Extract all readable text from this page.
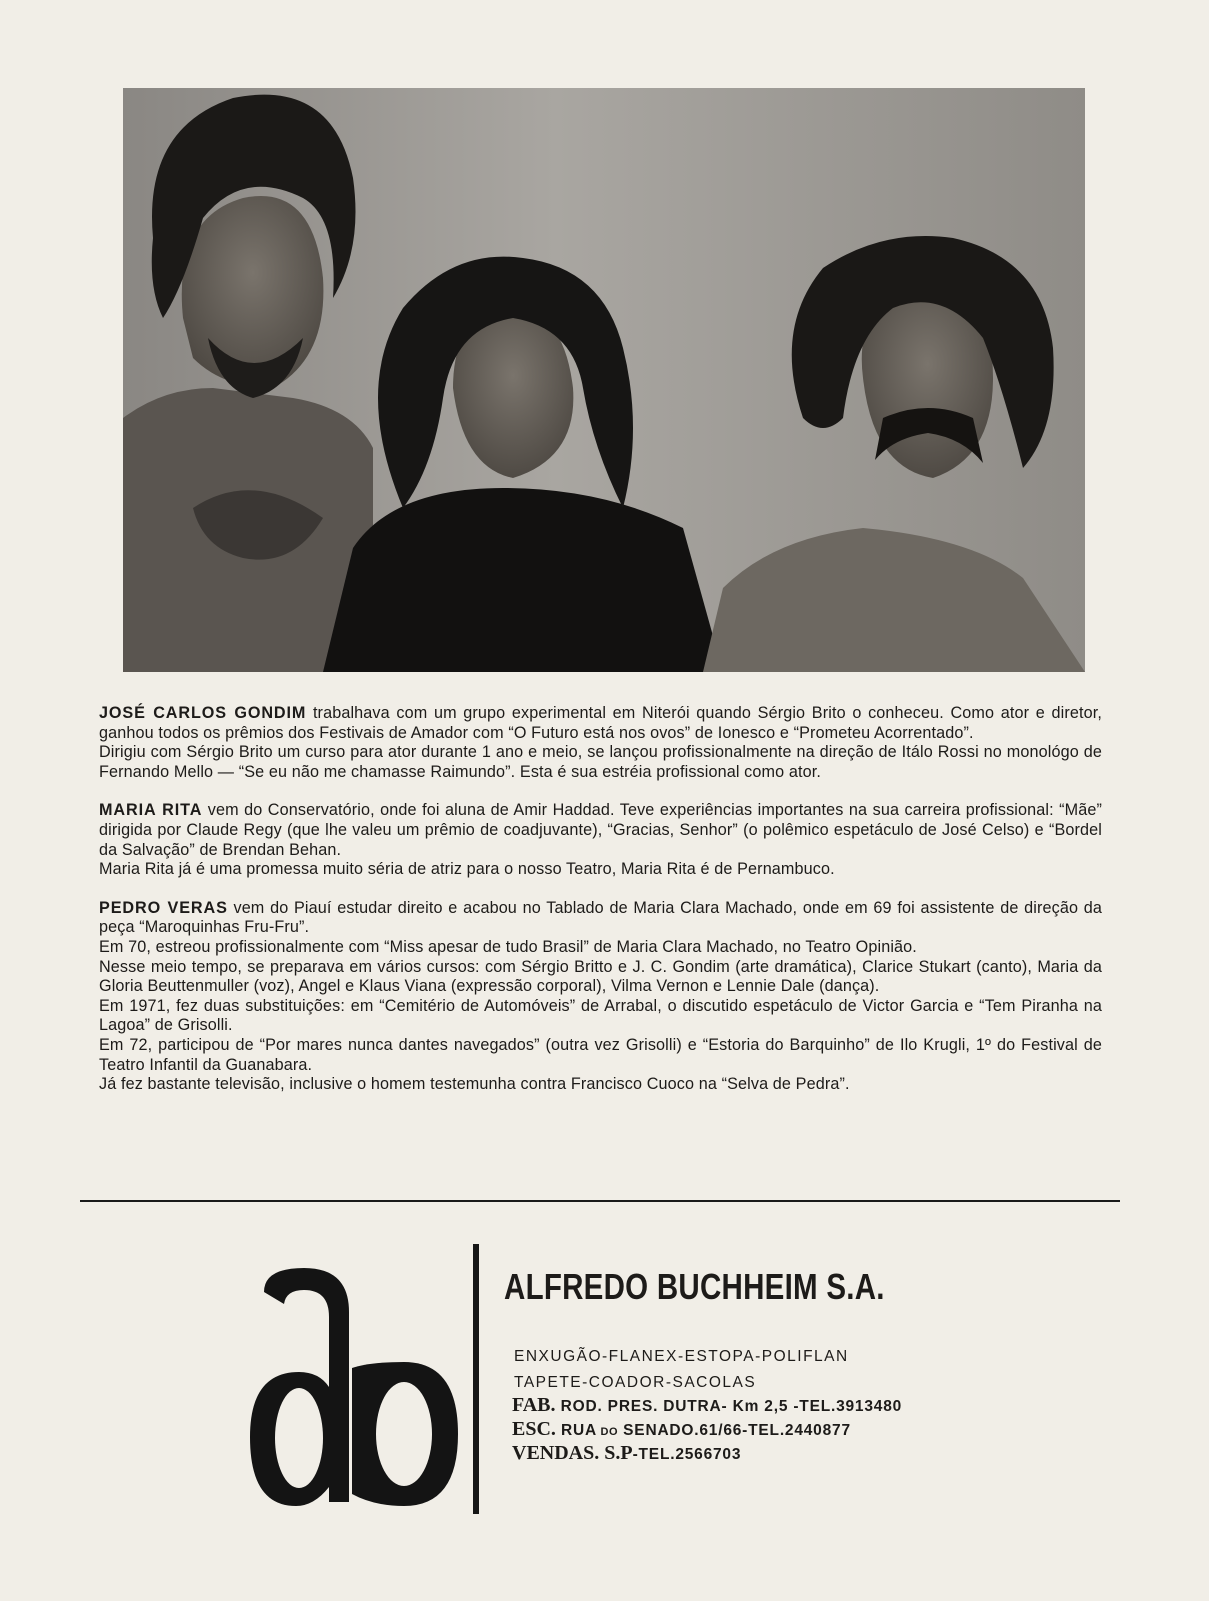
JOSÉ CARLOS GONDIM trabalhava com um grupo experimental em Niterói quando Sérgio Brito o conheceu. Como ator e diretor, ganhou todos os prêmios dos Festivais de Amador com “O Futuro está nos ovos” de Ionesco e “Prometeu Acorrentado”.

Dirigiu com Sérgio Brito um curso para ator durante 1 ano e meio, se lançou profissionalmente na direção de Itálo Rossi no monológo de Fernando Mello — “Se eu não me chamasse Raimundo”. Esta é sua estréia profissional como ator.

MARIA RITA vem do Conservatório, onde foi aluna de Amir Haddad. Teve experiências importantes na sua carreira profissional: “Mãe” dirigida por Claude Regy (que lhe valeu um prêmio de coadjuvante), “Gracias, Senhor” (o polêmico espetáculo de José Celso) e “Bordel da Salvação” de Brendan Behan.

Maria Rita já é uma promessa muito séria de atriz para o nosso Teatro, Maria Rita é de Pernambuco.

PEDRO VERAS vem do Piauí estudar direito e acabou no Tablado de Maria Clara Machado, onde em 69 foi assistente de direção da peça “Maroquinhas Fru-Fru”.

Em 70, estreou profissionalmente com “Miss apesar de tudo Brasil” de Maria Clara Machado, no Teatro Opinião.

Nesse meio tempo, se preparava em vários cursos: com Sérgio Britto e J. C. Gondim (arte dramática), Clarice Stukart (canto), Maria da Gloria Beuttenmuller (voz), Angel e Klaus Viana (expressão corporal), Vilma Vernon e Lennie Dale (dança).

Em 1971, fez duas substituições: em “Cemitério de Automóveis” de Arrabal, o discutido espetáculo de Victor Garcia e “Tem Piranha na Lagoa” de Grisolli.

Em 72, participou de “Por mares nunca dantes navegados” (outra vez Grisolli) e “Estoria do Barquinho” de Ilo Krugli, 1º do Festival de Teatro Infantil da Guanabara.

Já fez bastante televisão, inclusive o homem testemunha contra Francisco Cuoco na “Selva de Pedra”.

ALFREDO BUCHHEIM S.A.
ENXUGÃO-FLANEX-ESTOPA-POLIFLAN
TAPETE-COADOR-SACOLAS
FAB. ROD. PRES. DUTRA- Km 2,5 -TEL.3913480
ESC. RUA DO SENADO.61/66-TEL.2440877
VENDAS. S.P-TEL.2566703
